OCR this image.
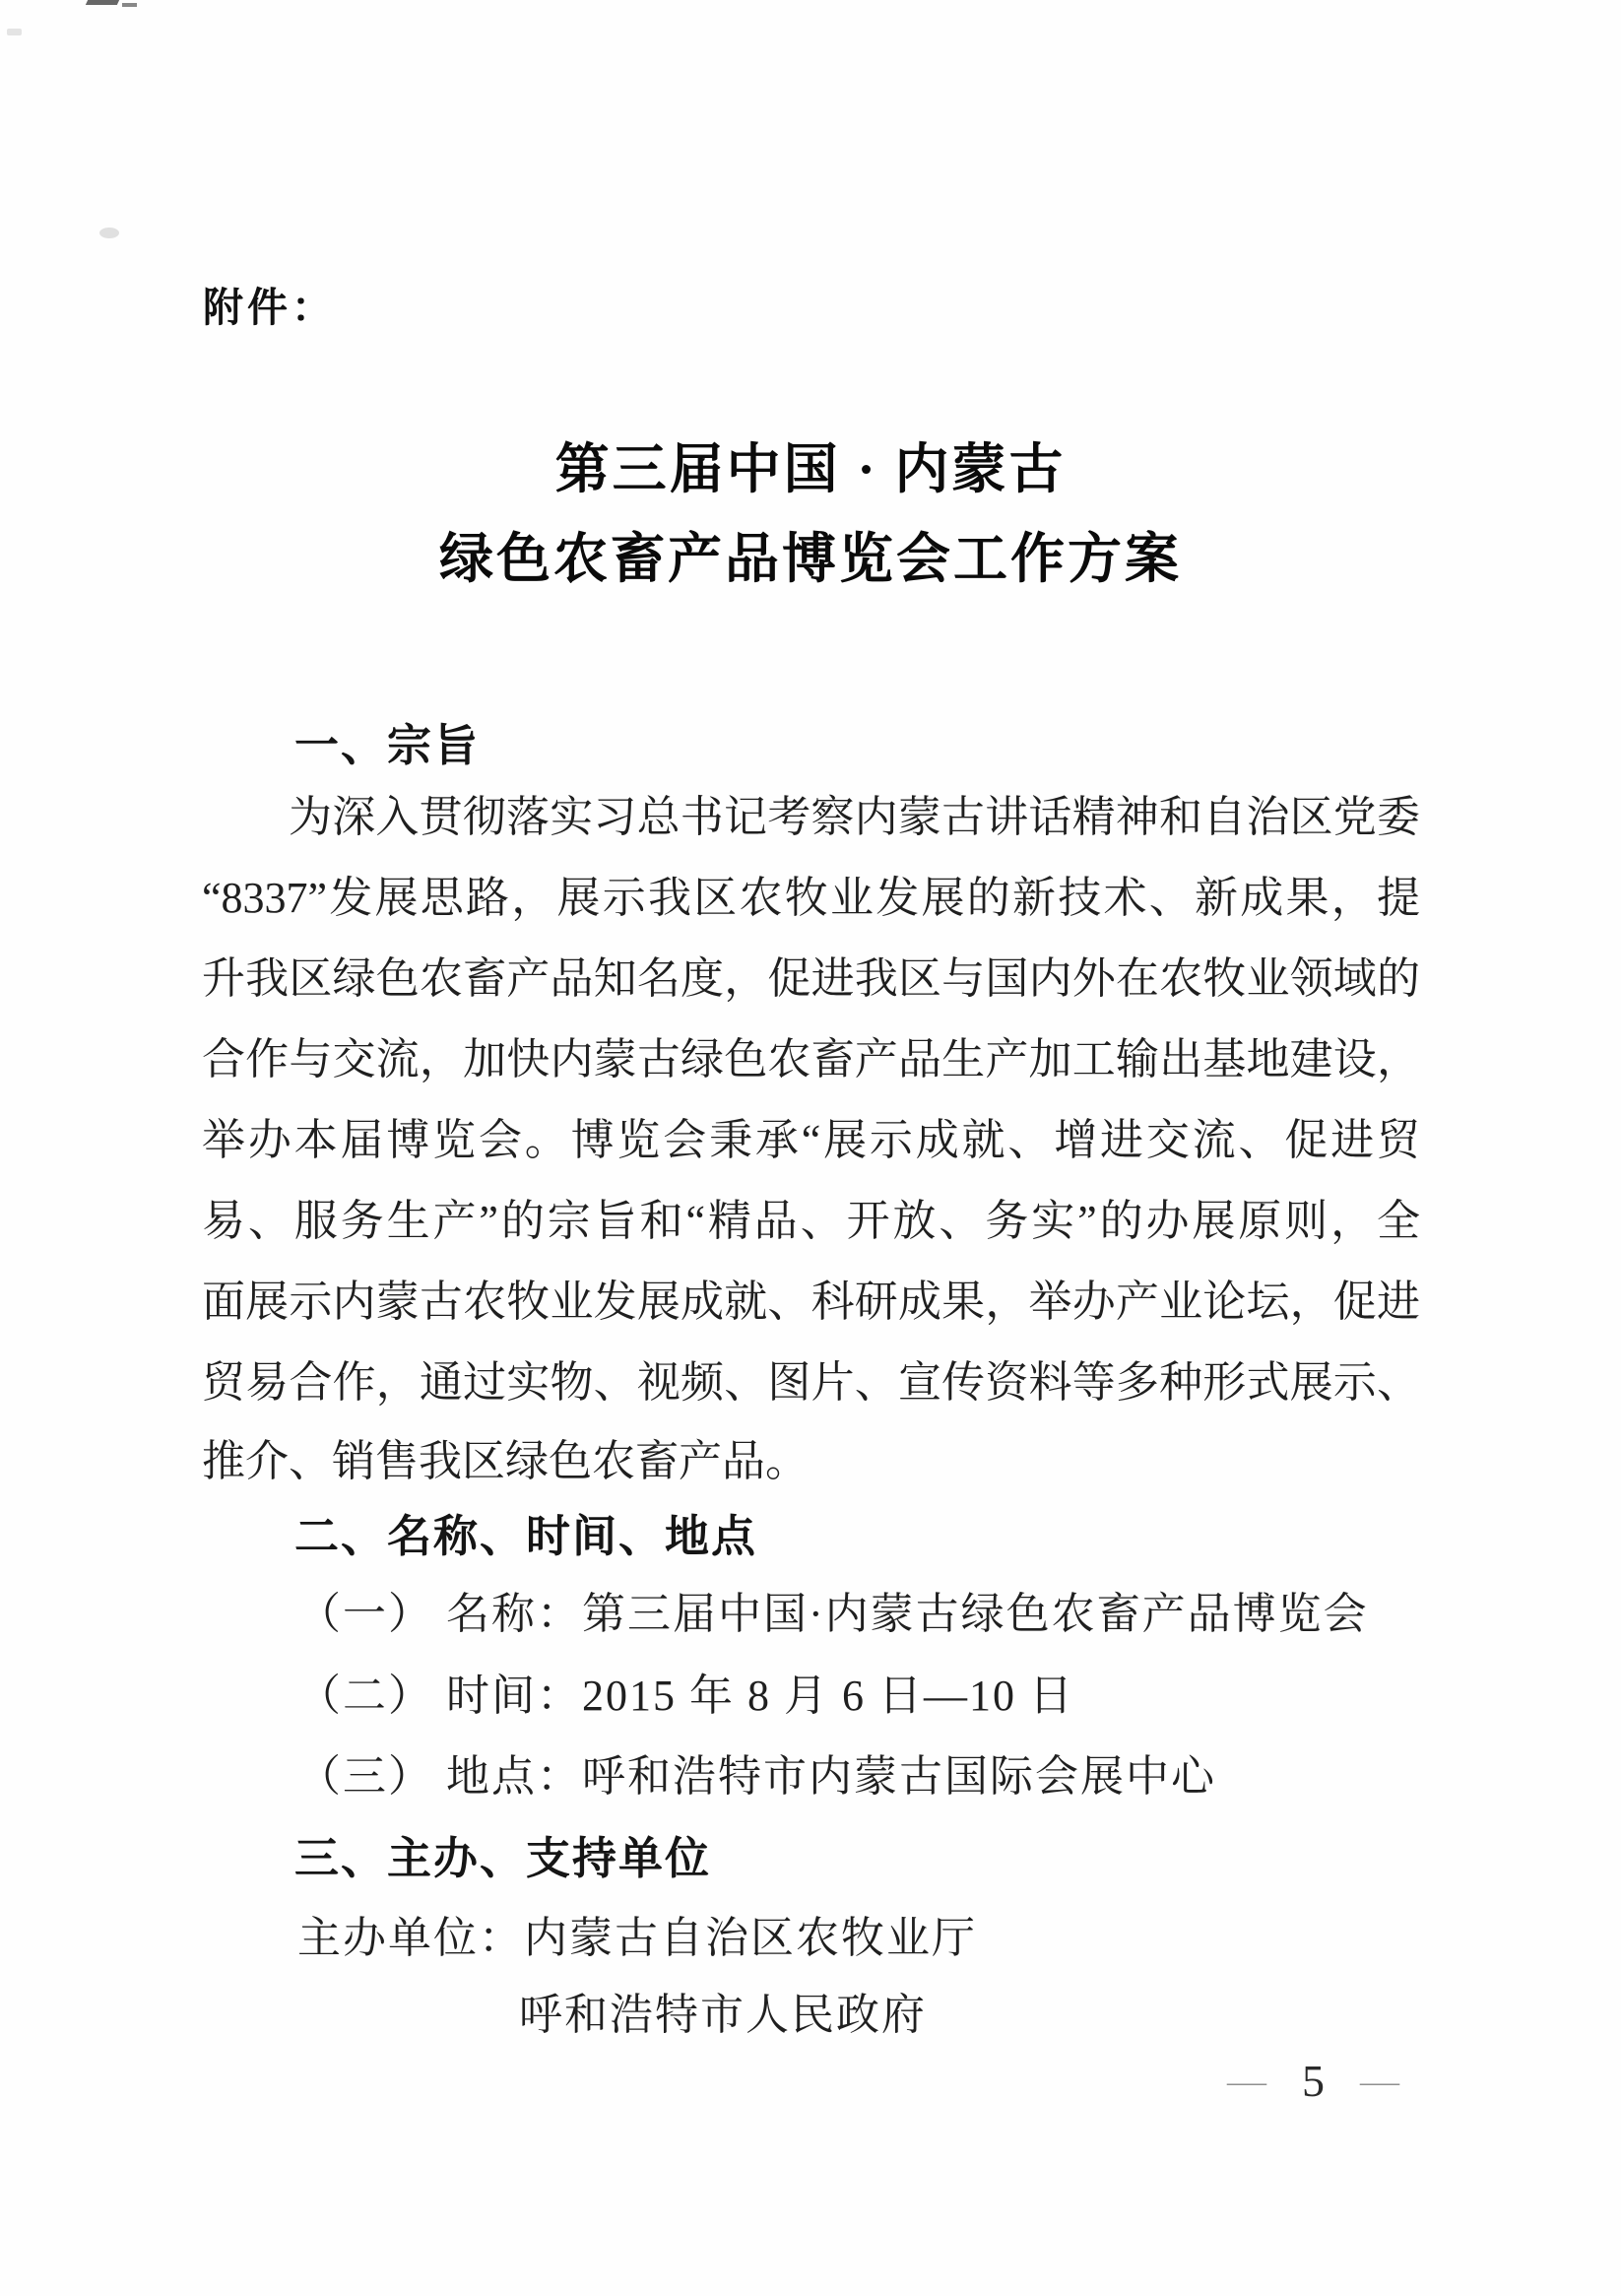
附件：
第三届中国 · 内蒙古
绿色农畜产品博览会工作方案
一、宗旨
为深入贯彻落实习总书记考察内蒙古讲话精神和自治区党委
“8337”发展思路，展示我区农牧业发展的新技术、新成果，提
升我区绿色农畜产品知名度，促进我区与国内外在农牧业领域的
合作与交流，加快内蒙古绿色农畜产品生产加工输出基地建设，
举办本届博览会。博览会秉承“展示成就、增进交流、促进贸
易、服务生产”的宗旨和“精品、开放、务实”的办展原则，全
面展示内蒙古农牧业发展成就、科研成果，举办产业论坛，促进
贸易合作，通过实物、视频、图片、宣传资料等多种形式展示、
推介、销售我区绿色农畜产品。
二、名称、时间、地点
（一） 名称：第三届中国·内蒙古绿色农畜产品博览会
（二） 时间：2015 年 8 月 6 日—10 日
（三） 地点：呼和浩特市内蒙古国际会展中心
三、主办、支持单位
主办单位：内蒙古自治区农牧业厅
呼和浩特市人民政府
— 5 —
